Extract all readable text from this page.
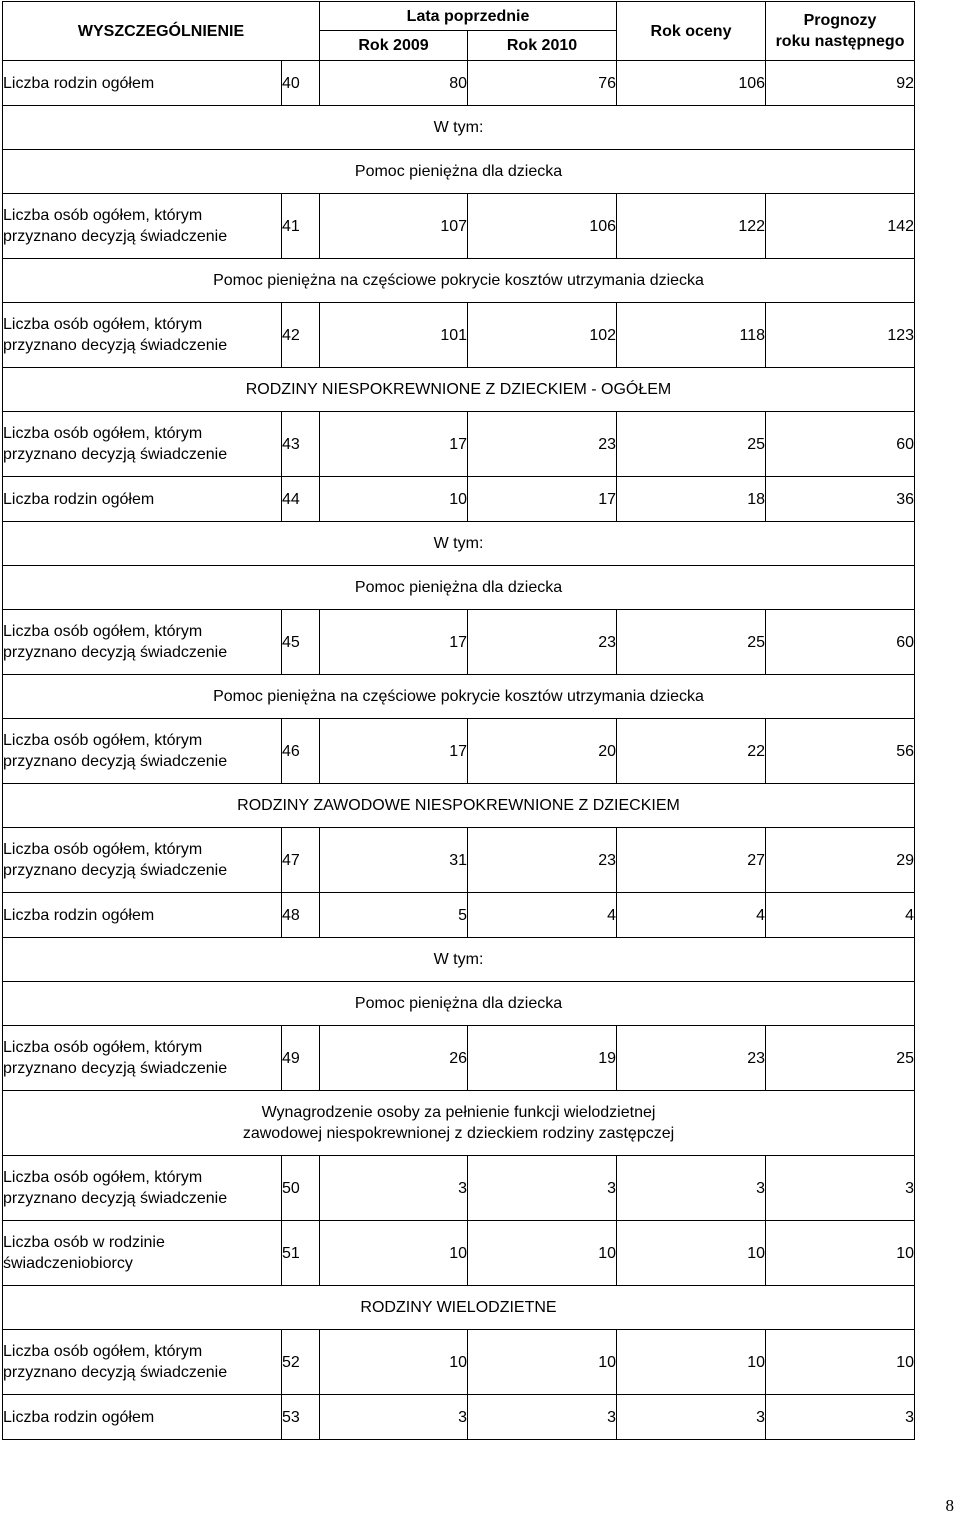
WYSZCZEGÓLNIENIE		Lata poprzednie		Rok oceny	Prognozy
roku następnego
		Rok 2009	Rok 2010		
Liczba rodzin ogółem	40	80	76	106	92
W tym:					
Pomoc pieniężna dla dziecka					
Liczba osób ogółem, którym
przyznano decyzją świadczenie	41	107	106	122	142
Pomoc pieniężna na częściowe pokrycie kosztów utrzymania dziecka					
Liczba osób ogółem, którym
przyznano decyzją świadczenie	42	101	102	118	123
RODZINY NIESPOKREWNIONE Z DZIECKIEM - OGÓŁEM					
Liczba osób ogółem, którym
przyznano decyzją świadczenie	43	17	23	25	60
Liczba rodzin ogółem	44	10	17	18	36
W tym:					
Pomoc pieniężna dla dziecka					
Liczba osób ogółem, którym
przyznano decyzją świadczenie	45	17	23	25	60
Pomoc pieniężna na częściowe pokrycie kosztów utrzymania dziecka					
Liczba osób ogółem, którym
przyznano decyzją świadczenie	46	17	20	22	56
RODZINY ZAWODOWE NIESPOKREWNIONE Z DZIECKIEM					
Liczba osób ogółem, którym
przyznano decyzją świadczenie	47	31	23	27	29
Liczba rodzin ogółem	48	5	4	4	4
W tym:					
Pomoc pieniężna dla dziecka					
Liczba osób ogółem, którym
przyznano decyzją świadczenie	49	26	19	23	25
Wynagrodzenie osoby za pełnienie funkcji wielodzietnej
zawodowej niespokrewnionej z dzieckiem rodziny zastępczej					
Liczba osób ogółem, którym
przyznano decyzją świadczenie	50	3	3	3	3
Liczba osób w rodzinie
świadczeniobiorcy	51	10	10	10	10
RODZINY WIELODZIETNE					
Liczba osób ogółem, którym
przyznano decyzją świadczenie	52	10	10	10	10
Liczba rodzin ogółem	53	3	3	3	3
8
